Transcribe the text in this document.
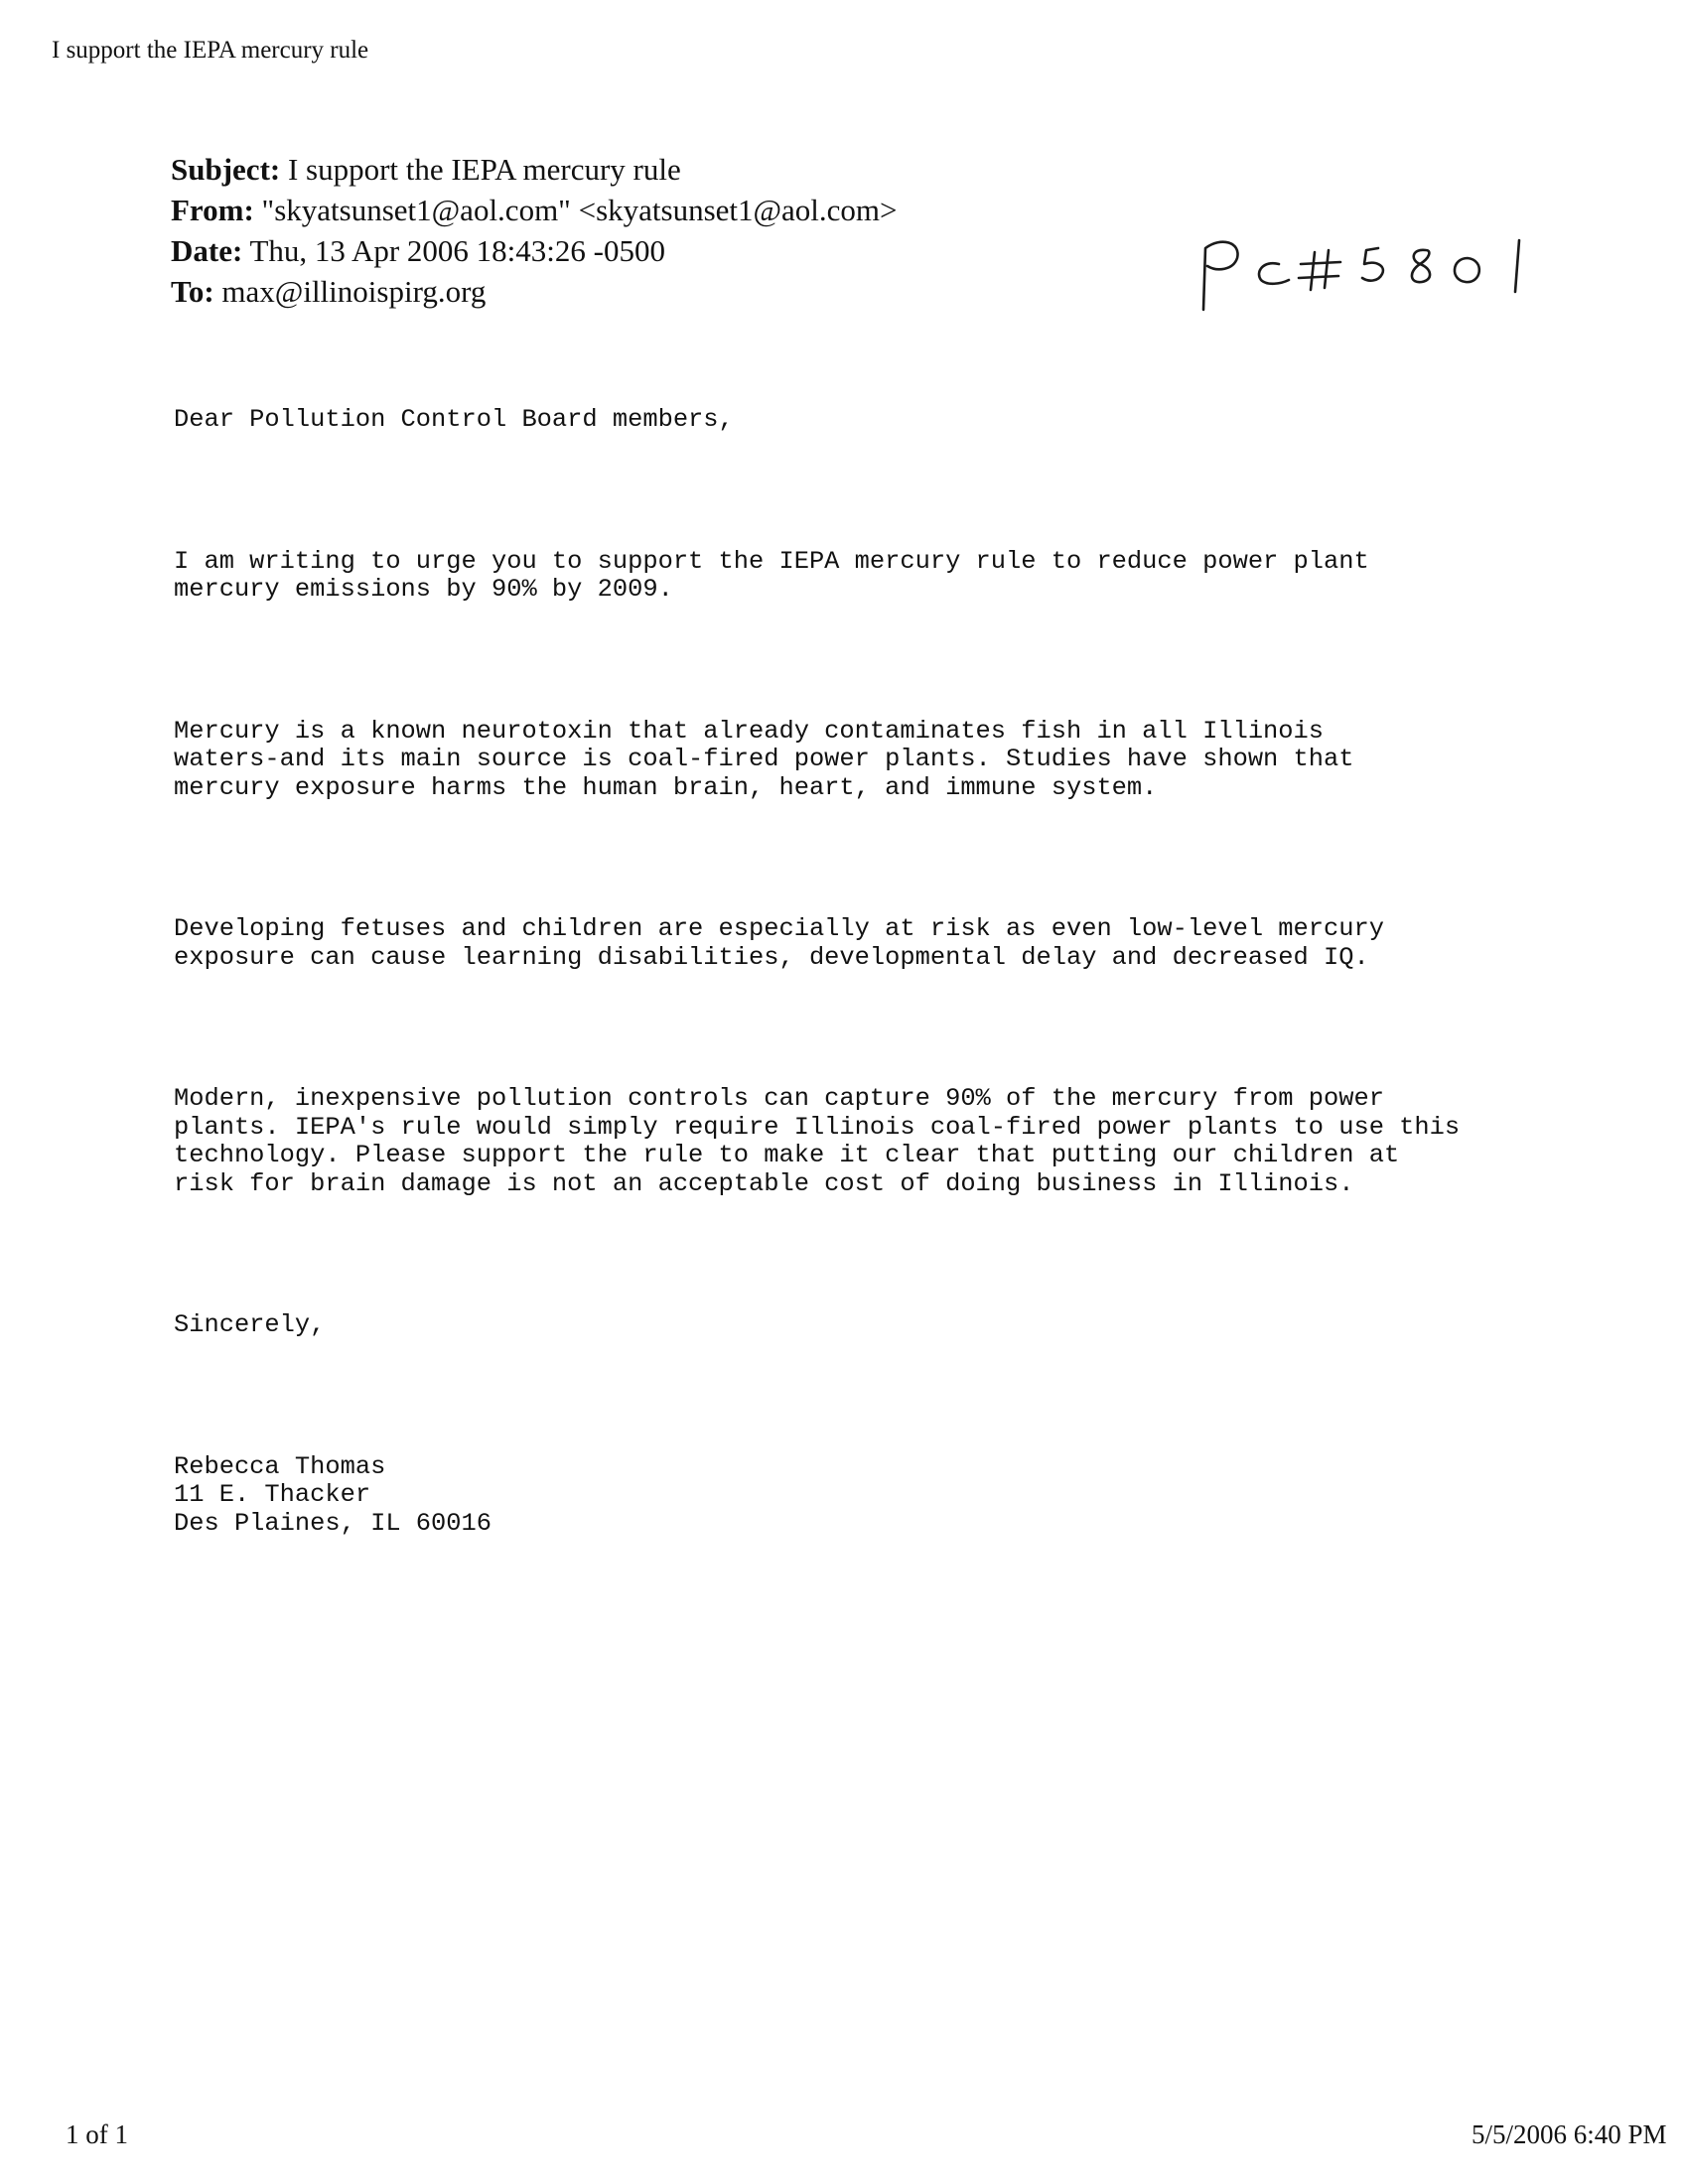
I support the IEPA mercury rule
Subject: I support the IEPA mercury rule
From: "skyatsunset1@aol.com" <skyatsunset1@aol.com>
Date: Thu, 13 Apr 2006 18:43:26 -0500
To: max@illinoispirg.org

Dear Pollution Control Board members,

I am writing to urge you to support the IEPA mercury rule to reduce power plant
mercury emissions by 90% by 2009.

Mercury is a known neurotoxin that already contaminates fish in all Illinois
waters-and its main source is coal-fired power plants. Studies have shown that
mercury exposure harms the human brain, heart, and immune system.

Developing fetuses and children are especially at risk as even low-level mercury
exposure can cause learning disabilities, developmental delay and decreased IQ.

Modern, inexpensive pollution controls can capture 90% of the mercury from power
plants. IEPA's rule would simply require Illinois coal-fired power plants to use this
technology. Please support the rule to make it clear that putting our children at
risk for brain damage is not an acceptable cost of doing business in Illinois.

Sincerely,

Rebecca Thomas
11 E. Thacker
Des Plaines, IL 60016

1 of 1	5/5/2006 6:40 PM
